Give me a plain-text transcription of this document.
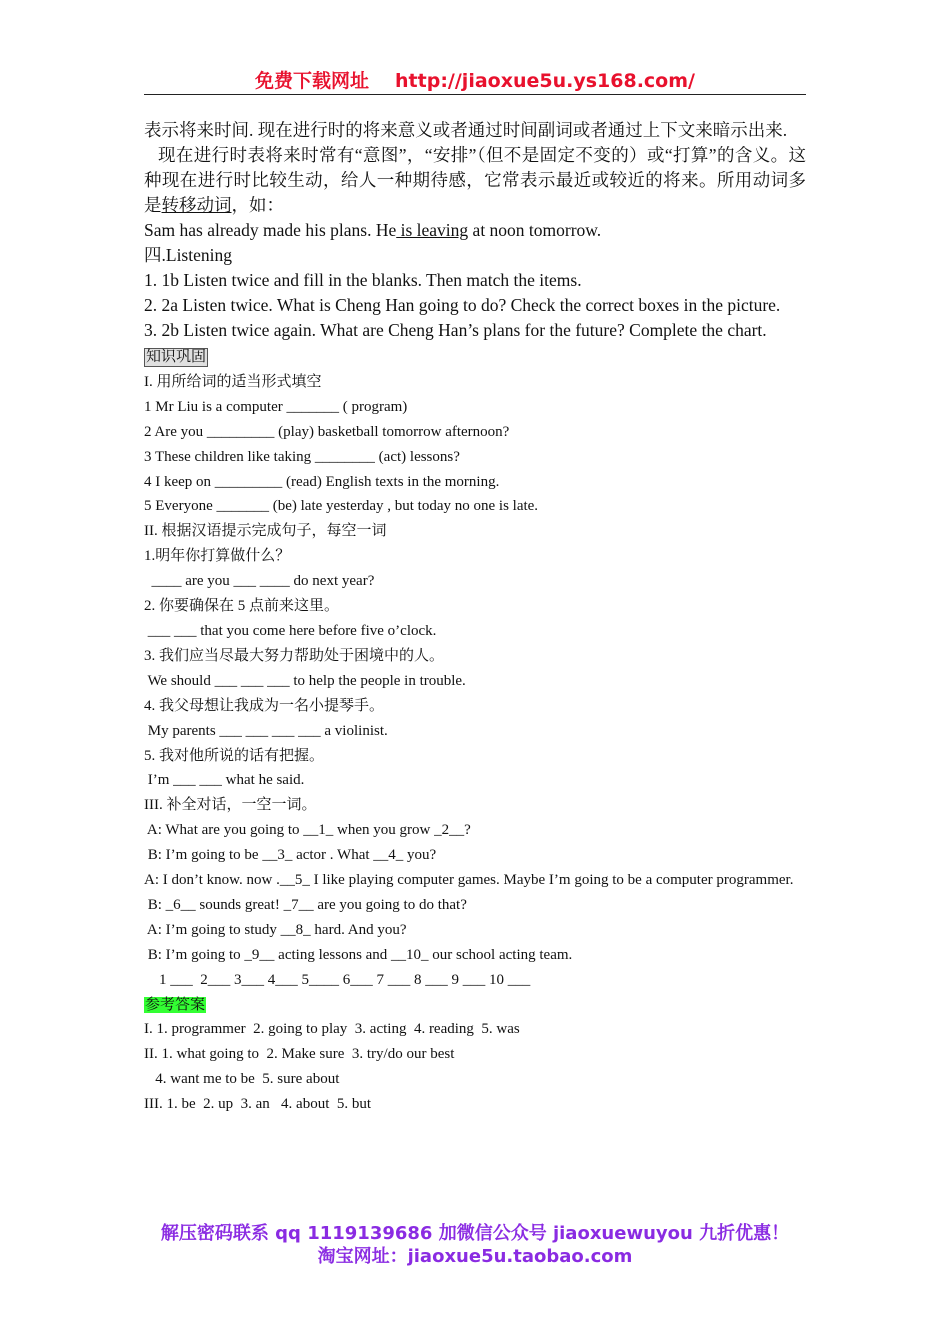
免费下载网址 http://jiaoxue5u.ys168.com/

表示将来时间. 现在进行时的将来意义或者通过时间副词或者通过上下文来暗示出来.

现在进行时表将来时常有“意图”，“安排”（但不是固定不变的）或“打算”的含义。这种现在进行时比较生动，给人一种期待感，它常表示最近或较近的将来。所用动词多是转移动词，如：

Sam has already made his plans. He is leaving at noon tomorrow.

四.Listening

1. 1b Listen twice and fill in the blanks. Then match the items.

2. 2a Listen twice. What is Cheng Han going to do? Check the correct boxes in the picture.

3. 2b Listen twice again. What are Cheng Han’s plans for the future? Complete the chart.

知识巩固

I. 用所给词的适当形式填空

1 Mr Liu is a computer _______ ( program)

2 Are you _________ (play) basketball tomorrow afternoon?

3 These children like taking ________ (act) lessons?

4 I keep on _________ (read) English texts in the morning.

5 Everyone _______ (be) late yesterday , but today no one is late.

II. 根据汉语提示完成句子，每空一词

1.明年你打算做什么？

____ are you ___ ____ do next year?

2. 你要确保在 5 点前来这里。

___ ___ that you come here before five o’clock.

3. 我们应当尽最大努力帮助处于困境中的人。

We should ___ ___ ___ to help the people in trouble.

4. 我父母想让我成为一名小提琴手。

My parents ___ ___ ___ ___ a violinist.

5. 我对他所说的话有把握。

I’m ___ ___ what he said.

III. 补全对话，一空一词。

A: What are you going to __1_ when you grow _2__?

B: I’m going to be __3_ actor . What __4_ you?

A: I don’t know. now .__5_ I like playing computer games. Maybe I’m going to be a computer programmer.

B: _6__ sounds great! _7__ are you going to do that?

A: I’m going to study __8_ hard. And you?

B: I’m going to _9__ acting lessons and __10_ our school acting team.

1 ___  2___ 3___ 4___ 5____ 6___ 7 ___ 8 ___ 9 ___ 10 ___

参考答案

I. 1. programmer  2. going to play  3. acting  4. reading  5. was

II. 1. what going to  2. Make sure  3. try/do our best

4. want me to be  5. sure about

III. 1. be  2. up  3. an   4. about  5. but

解压密码联系 qq 1119139686 加微信公众号 jiaoxuewuyou 九折优惠！
淘宝网址：jiaoxue5u.taobao.com
